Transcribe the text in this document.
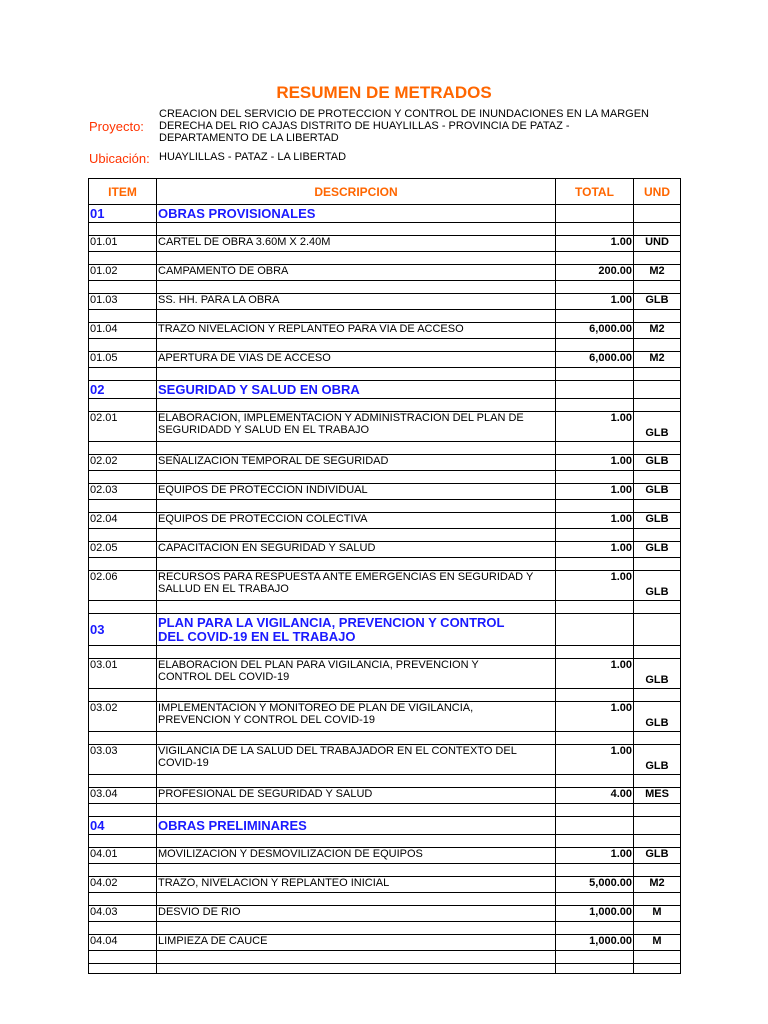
RESUMEN DE METRADOS
Proyecto:
CREACION DEL SERVICIO DE PROTECCION Y CONTROL DE INUNDACIONES EN LA MARGEN
DERECHA DEL RIO CAJAS DISTRITO DE HUAYLILLAS - PROVINCIA DE PATAZ -
DEPARTAMENTO DE LA LIBERTAD
Ubicación: HUAYLILLAS - PATAZ - LA LIBERTAD
ITEM	DESCRIPCION	TOTAL	UND
01	OBRAS PROVISIONALES		

01.01	CARTEL DE OBRA 3.60M X 2.40M	1.00	UND

01.02	CAMPAMENTO DE OBRA	200.00	M2

01.03	SS. HH. PARA LA OBRA	1.00	GLB

01.04	TRAZO NIVELACION Y REPLANTEO PARA VIA DE ACCESO	6,000.00	M2

01.05	APERTURA DE VIAS DE ACCESO	6,000.00	M2

02	SEGURIDAD Y SALUD EN OBRA		

02.01	ELABORACION, IMPLEMENTACION Y ADMINISTRACION DEL PLAN DE
SEGURIDADD Y SALUD EN EL TRABAJO	1.00	GLB

02.02	SEÑALIZACION TEMPORAL DE SEGURIDAD	1.00	GLB

02.03	EQUIPOS DE PROTECCION INDIVIDUAL	1.00	GLB

02.04	EQUIPOS DE PROTECCION COLECTIVA	1.00	GLB

02.05	CAPACITACION EN SEGURIDAD Y SALUD	1.00	GLB

02.06	RECURSOS PARA RESPUESTA ANTE EMERGENCIAS EN SEGURIDAD Y
SALLUD EN EL TRABAJO	1.00	GLB

03	PLAN PARA LA VIGILANCIA, PREVENCION Y CONTROL
DEL COVID-19 EN EL TRABAJO		

03.01	ELABORACION DEL PLAN PARA VIGILANCIA, PREVENCION Y
CONTROL DEL COVID-19	1.00	GLB

03.02	IMPLEMENTACION Y MONITOREO DE PLAN DE VIGILANCIA,
PREVENCION Y CONTROL DEL COVID-19	1.00	GLB

03.03	VIGILANCIA DE LA SALUD DEL TRABAJADOR EN EL CONTEXTO DEL
COVID-19	1.00	GLB

03.04	PROFESIONAL DE SEGURIDAD Y SALUD	4.00	MES

04	OBRAS PRELIMINARES		

04.01	MOVILIZACION Y DESMOVILIZACION DE EQUIPOS	1.00	GLB

04.02	TRAZO, NIVELACION Y REPLANTEO INICIAL	5,000.00	M2

04.03	DESVIO DE RIO	1,000.00	M

04.04	LIMPIEZA DE CAUCE	1,000.00	M
